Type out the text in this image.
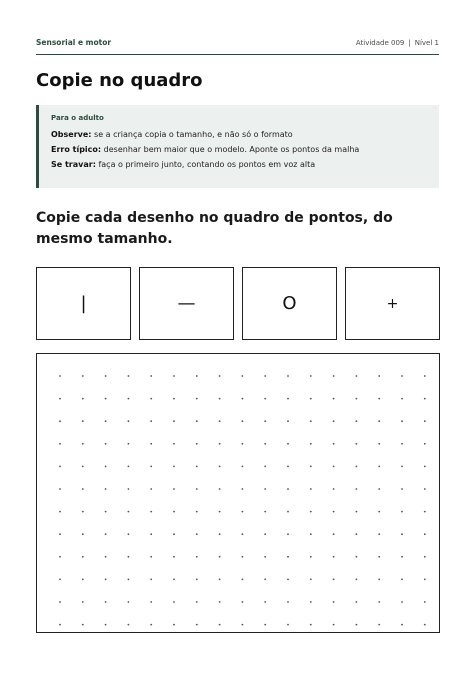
Sensorial e motor	Atividade 009 | Nível 1
Copie no quadro

Para o adulto

Observe: se a criança copia o tamanho, e não só o formato

Erro típico: desenhar bem maior que o modelo. Aponte os pontos da malha

Se travar: faça o primeiro junto, contando os pontos em voz alta

Copie cada desenho no quadro de pontos, do mesmo tamanho.

|	—	O	+
